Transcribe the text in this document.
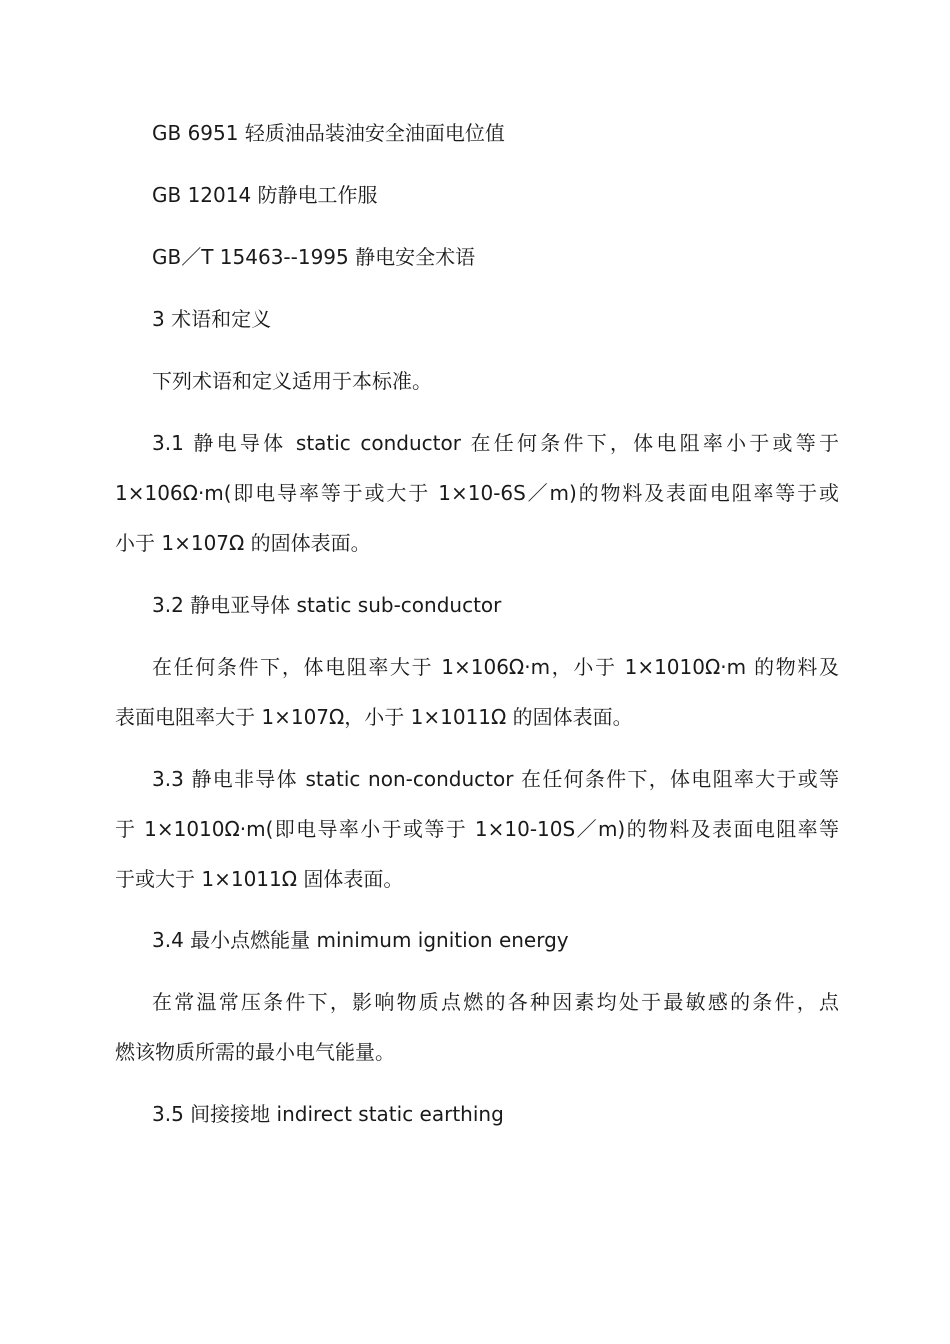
GB 6951 轻质油品装油安全油面电位值
GB 12014 防静电工作服
GB／T 15463--1995 静电安全术语
3 术语和定义
下列术语和定义适用于本标准。
3.1 静电导体 static conductor 在任何条件下，体电阻率小于或等于
1×106Ω·m(即电导率等于或大于 1×10-6S／m)的物料及表面电阻率等于或
小于 1×107Ω 的固体表面。
3.2 静电亚导体 static sub-conductor
在任何条件下，体电阻率大于 1×106Ω·m，小于 1×1010Ω·m 的物料及
表面电阻率大于 1×107Ω，小于 1×1011Ω 的固体表面。
3.3 静电非导体 static non-conductor 在任何条件下，体电阻率大于或等
于 1×1010Ω·m(即电导率小于或等于 1×10-10S／m)的物料及表面电阻率等
于或大于 1×1011Ω 固体表面。
3.4 最小点燃能量 minimum ignition energy
在常温常压条件下，影响物质点燃的各种因素均处于最敏感的条件，点
燃该物质所需的最小电气能量。
3.5 间接接地 indirect static earthing
